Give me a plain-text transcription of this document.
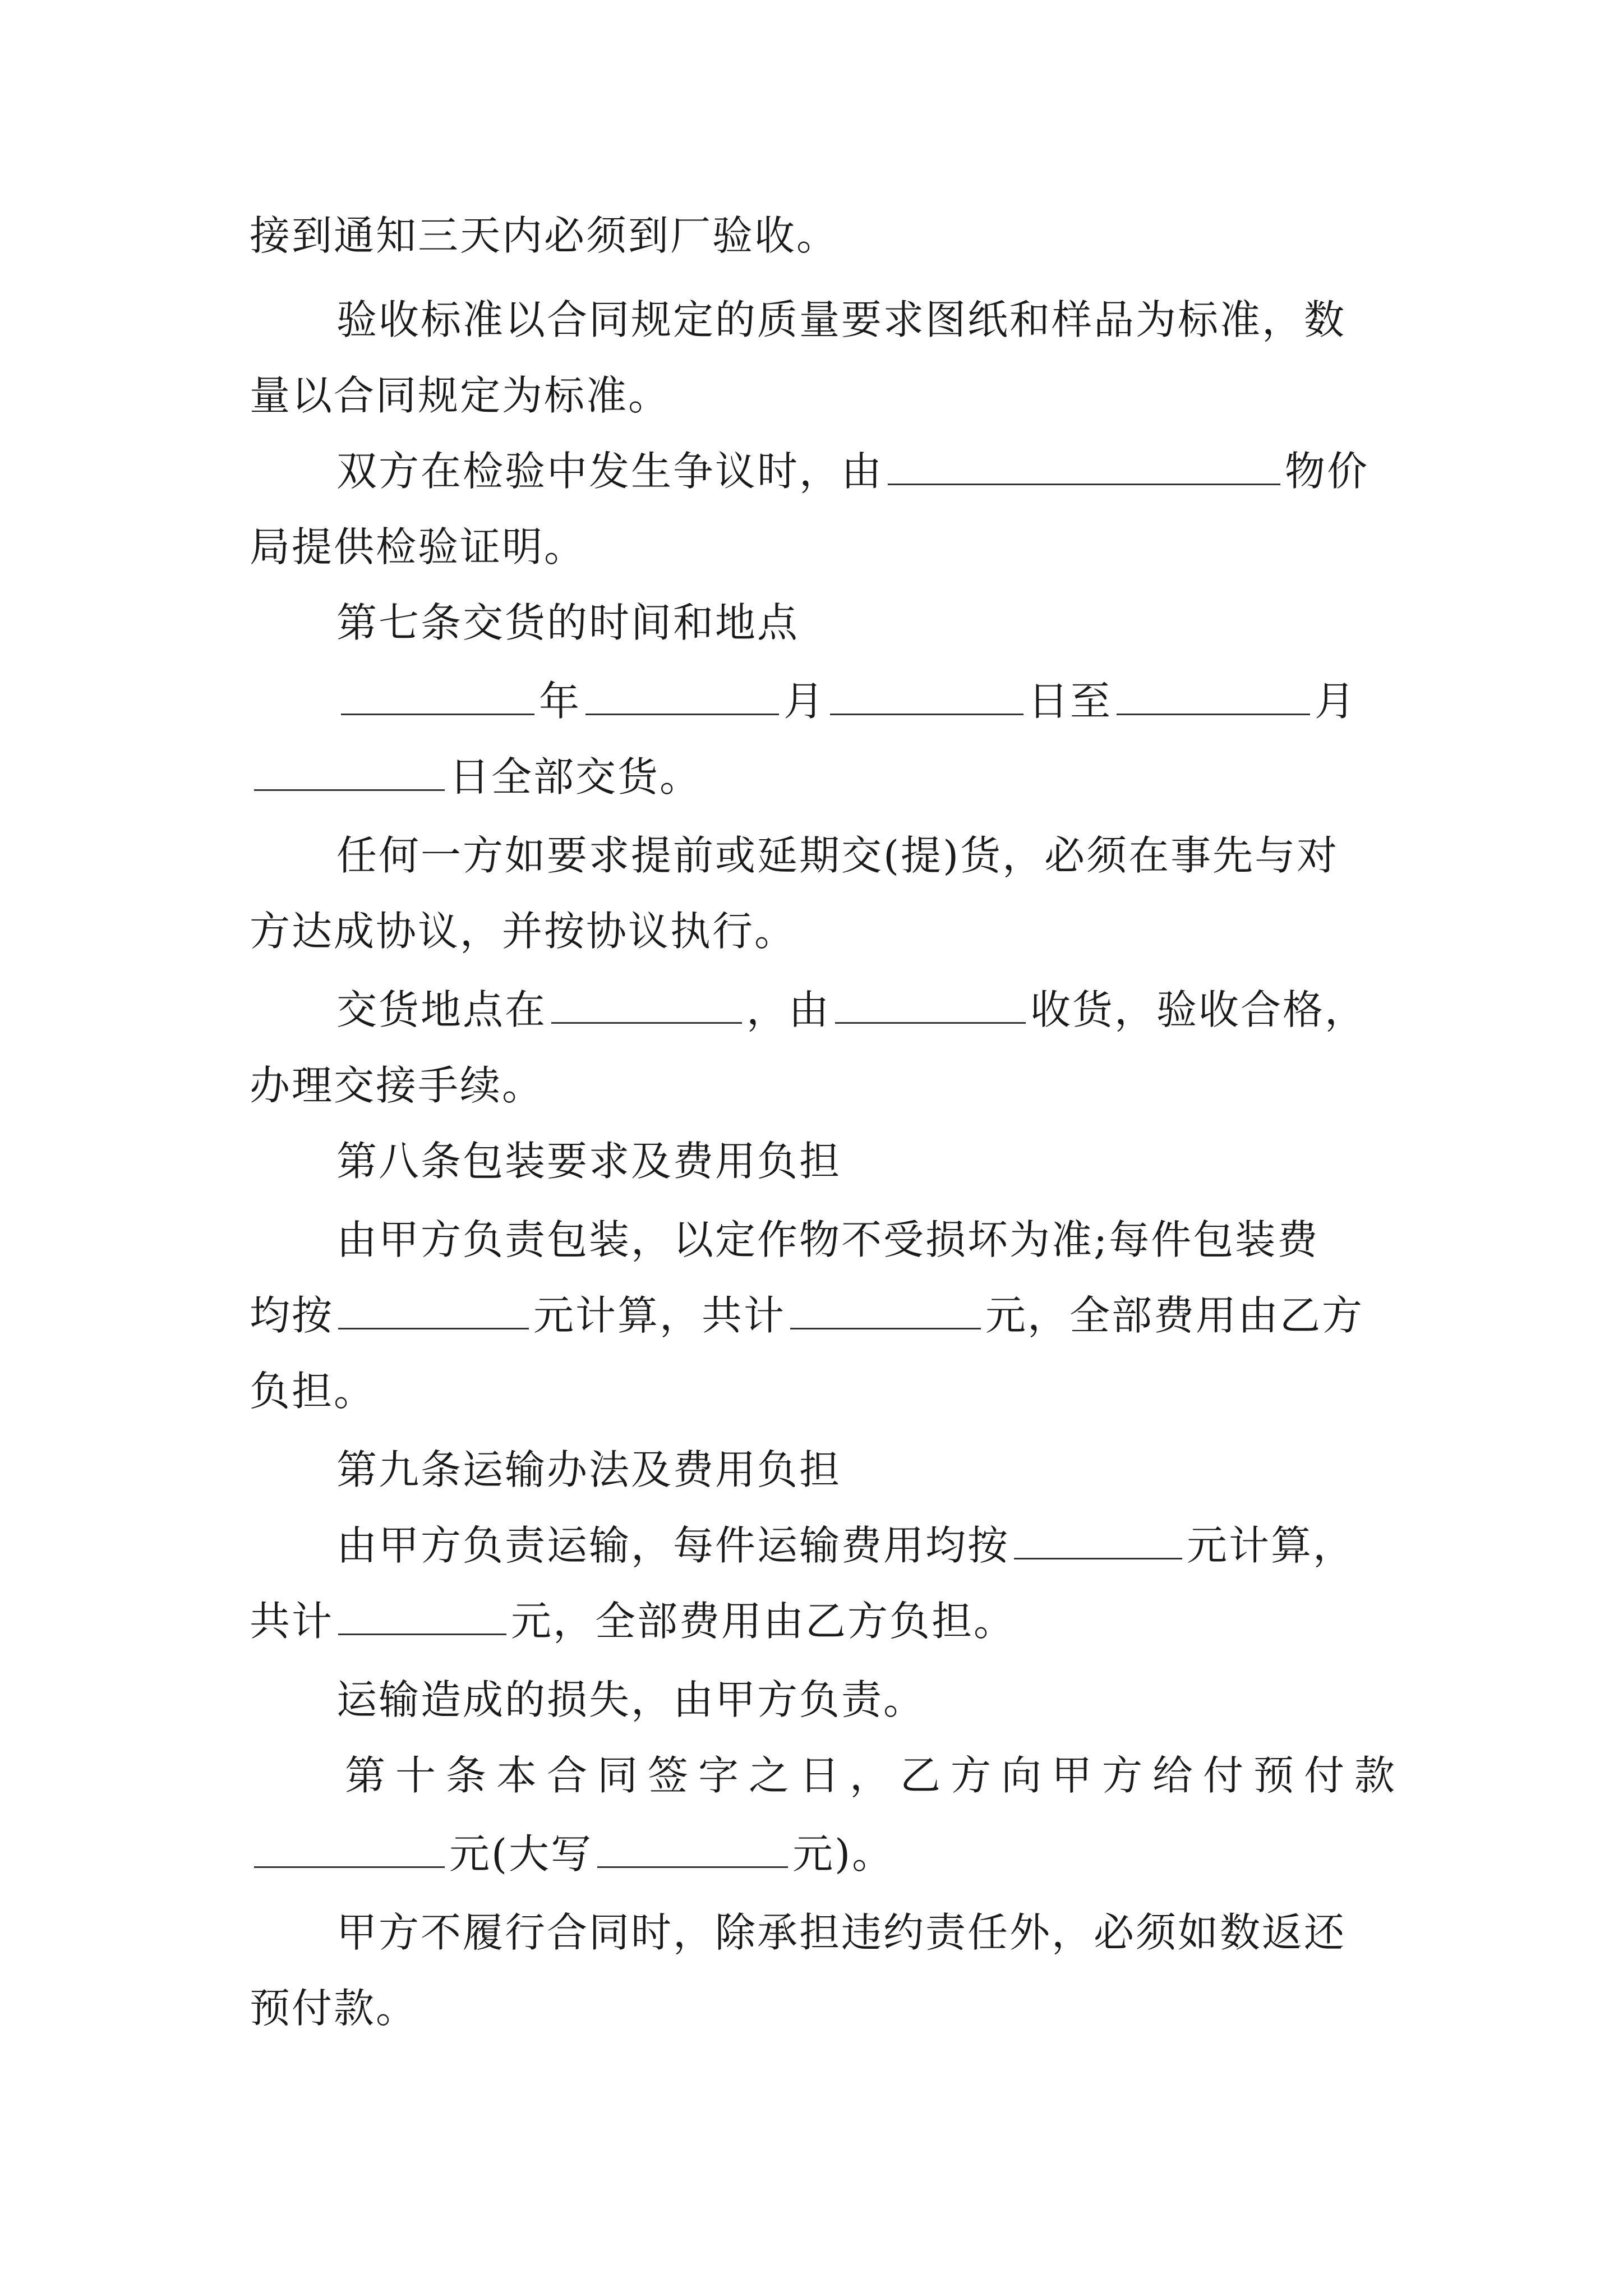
接到通知三天内必须到厂验收。
验收标准以合同规定的质量要求图纸和样品为标准，数
量以合同规定为标准。
双方在检验中发生争议时，由	物价
局提供检验证明。
第七条交货的时间和地点
年	月	日至	月
日全部交货。
任何一方如要求提前或延期交(提)货，必须在事先与对
方达成协议，并按协议执行。
交货地点在	，由	收货，验收合格，
办理交接手续。
第八条包装要求及费用负担
由甲方负责包装，以定作物不受损坏为准;每件包装费
均按	元计算，共计	元，全部费用由乙方
负担。
第九条运输办法及费用负担
由甲方负责运输，每件运输费用均按	元计算，
共计	元，全部费用由乙方负担。
运输造成的损失，由甲方负责。
第十条本合同签字之日，乙方向甲方给付预付款
元(大写	元)。
甲方不履行合同时，除承担违约责任外，必须如数返还
预付款。
